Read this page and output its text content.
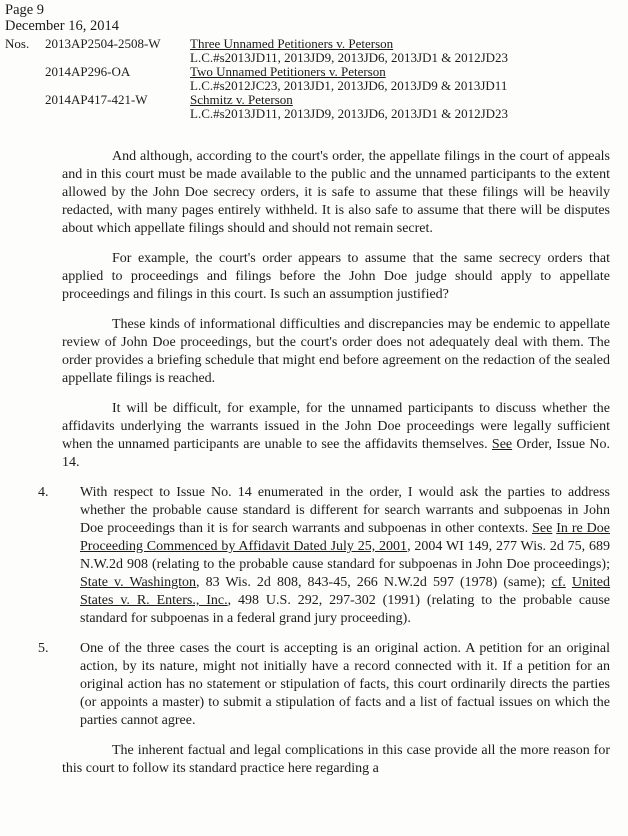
Page 9
December 16, 2014
Nos. 2013AP2504-2508-W	Three Unnamed Petitioners v. Peterson
L.C.#s2013JD11, 2013JD9, 2013JD6, 2013JD1 & 2012JD23
2014AP296-OA	Two Unnamed Petitioners v. Peterson
L.C.#s2012JC23, 2013JD1, 2013JD6, 2013JD9 & 2013JD11
2014AP417-421-W	Schmitz v. Peterson
L.C.#s2013JD11, 2013JD9, 2013JD6, 2013JD1 & 2012JD23

And although, according to the court's order, the appellate filings in the court of appeals and in this court must be made available to the public and the unnamed participants to the extent allowed by the John Doe secrecy orders, it is safe to assume that these filings will be heavily redacted, with many pages entirely withheld. It is also safe to assume that there will be disputes about which appellate filings should and should not remain secret.

For example, the court's order appears to assume that the same secrecy orders that applied to proceedings and filings before the John Doe judge should apply to appellate proceedings and filings in this court. Is such an assumption justified?

These kinds of informational difficulties and discrepancies may be endemic to appellate review of John Doe proceedings, but the court's order does not adequately deal with them. The order provides a briefing schedule that might end before agreement on the redaction of the sealed appellate filings is reached.

It will be difficult, for example, for the unnamed participants to discuss whether the affidavits underlying the warrants issued in the John Doe proceedings were legally sufficient when the unnamed participants are unable to see the affidavits themselves. See Order, Issue No. 14.

4.	With respect to Issue No. 14 enumerated in the order, I would ask the parties to address whether the probable cause standard is different for search warrants and subpoenas in John Doe proceedings than it is for search warrants and subpoenas in other contexts. See In re Doe Proceeding Commenced by Affidavit Dated July 25, 2001, 2004 WI 149, 277 Wis. 2d 75, 689 N.W.2d 908 (relating to the probable cause standard for subpoenas in John Doe proceedings); State v. Washington, 83 Wis. 2d 808, 843-45, 266 N.W.2d 597 (1978) (same); cf. United States v. R. Enters., Inc., 498 U.S. 292, 297-302 (1991) (relating to the probable cause standard for subpoenas in a federal grand jury proceeding).

5.	One of the three cases the court is accepting is an original action. A petition for an original action, by its nature, might not initially have a record connected with it. If a petition for an original action has no statement or stipulation of facts, this court ordinarily directs the parties (or appoints a master) to submit a stipulation of facts and a list of factual issues on which the parties cannot agree.

The inherent factual and legal complications in this case provide all the more reason for this court to follow its standard practice here regarding a
